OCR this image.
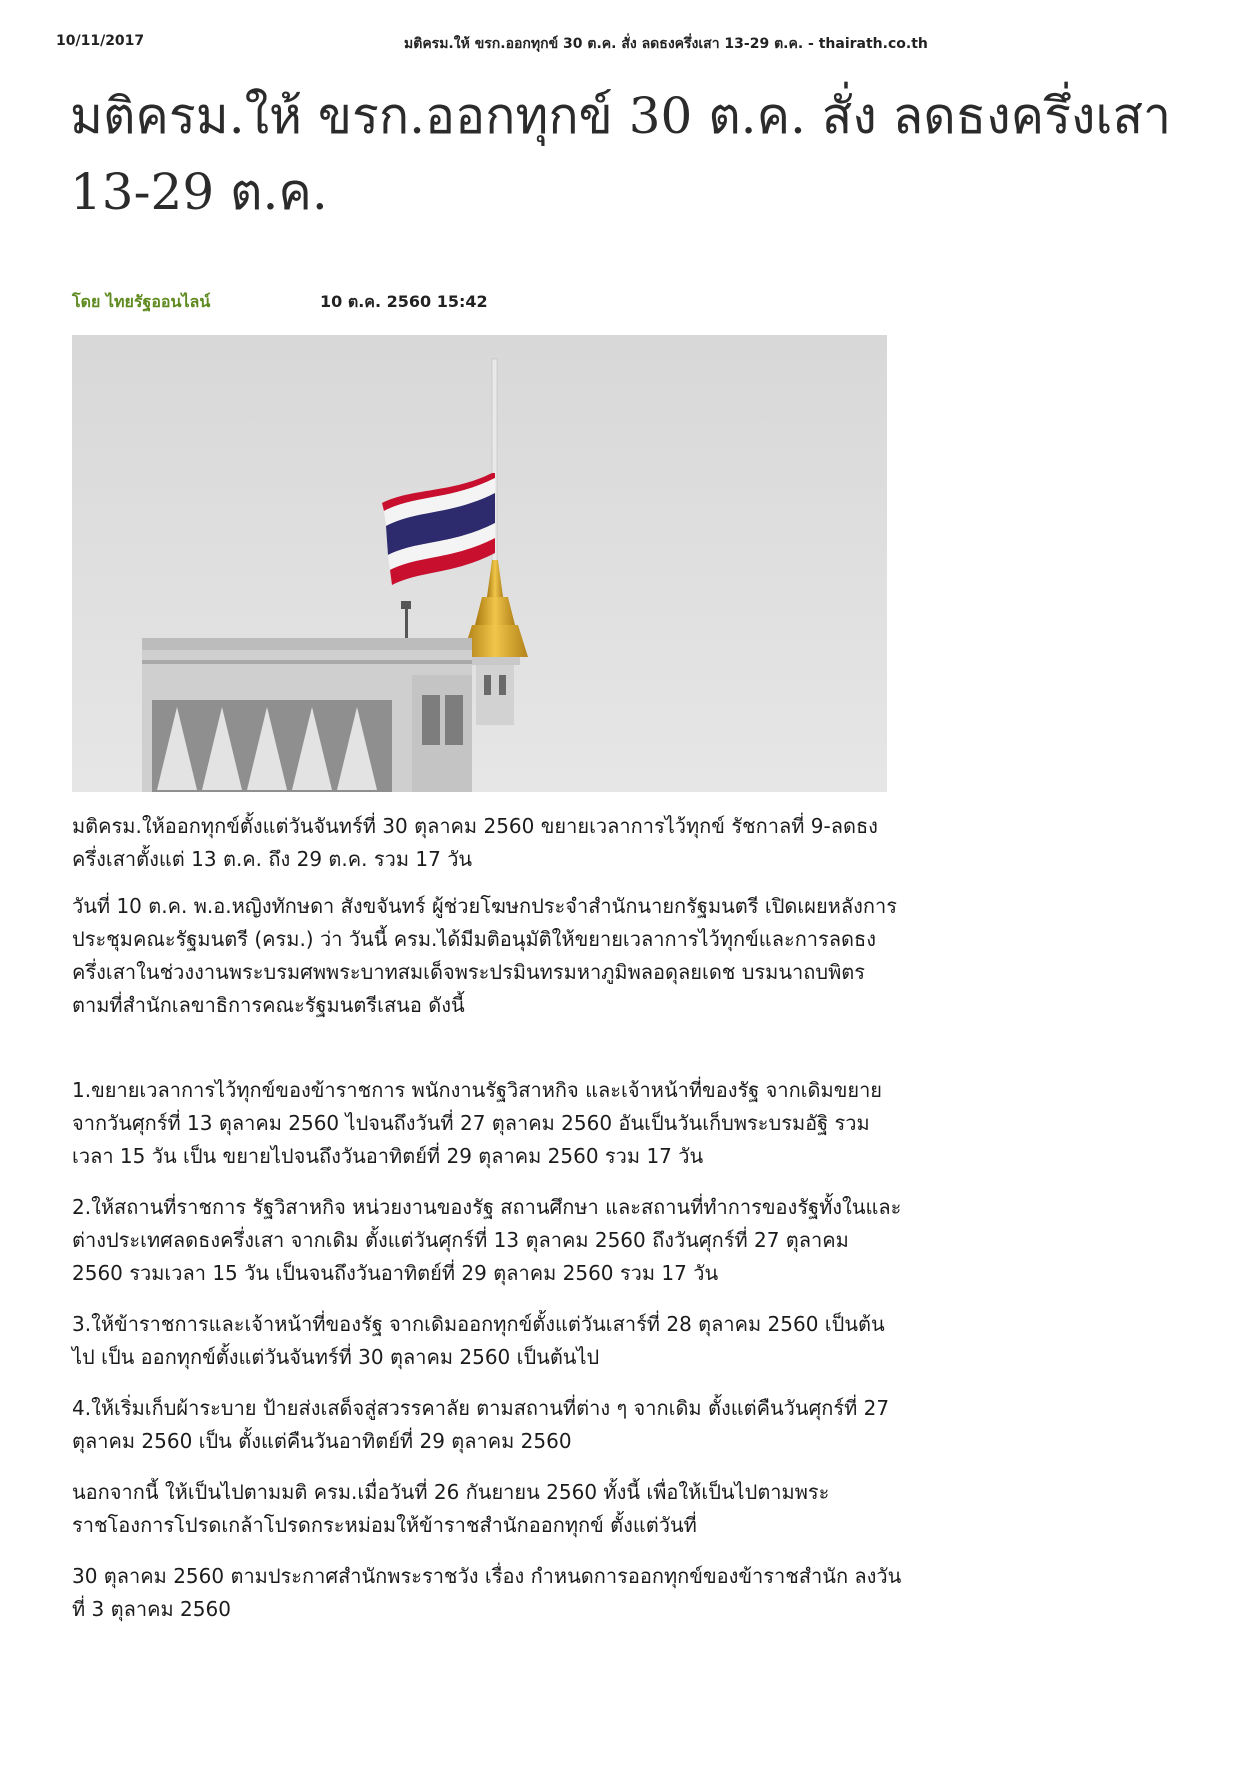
10/11/2017	มติครม.ให้ ขรก.ออกทุกข์ 30 ต.ค. สั่ง ลดธงครึ่งเสา 13-29 ต.ค. - thairath.co.th
มติครม.ให้ ขรก.ออกทุกข์ 30 ต.ค. สั่ง ลดธงครึ่งเสา 13-29 ต.ค.
โดย ไทยรัฐออนไลน์	10 ต.ค. 2560 15:42

มติครม.ให้ออกทุกข์ตั้งแต่วันจันทร์ที่ 30 ตุลาคม 2560 ขยายเวลาการไว้ทุกข์ รัชกาลที่ 9-ลดธงครึ่งเสาตั้งแต่ 13 ต.ค. ถึง 29 ต.ค. รวม 17 วัน

วันที่ 10 ต.ค. พ.อ.หญิงทักษดา สังขจันทร์ ผู้ช่วยโฆษกประจำสำนักนายกรัฐมนตรี เปิดเผยหลังการประชุมคณะรัฐมนตรี (ครม.) ว่า วันนี้ ครม.ได้มีมติอนุมัติให้ขยายเวลาการไว้ทุกข์และการลดธงครึ่งเสาในช่วงงานพระบรมศพพระบาทสมเด็จพระปรมินทรมหาภูมิพลอดุลยเดช บรมนาถบพิตร ตามที่สำนักเลขาธิการคณะรัฐมนตรีเสนอ ดังนี้

1.ขยายเวลาการไว้ทุกข์ของข้าราชการ พนักงานรัฐวิสาหกิจ และเจ้าหน้าที่ของรัฐ จากเดิมขยายจากวันศุกร์ที่ 13 ตุลาคม 2560 ไปจนถึงวันที่ 27 ตุลาคม 2560 อันเป็นวันเก็บพระบรมอัฐิ รวมเวลา 15 วัน เป็น ขยายไปจนถึงวันอาทิตย์ที่ 29 ตุลาคม 2560 รวม 17 วัน

2.ให้สถานที่ราชการ รัฐวิสาหกิจ หน่วยงานของรัฐ สถานศึกษา และสถานที่ทำการของรัฐทั้งในและต่างประเทศลดธงครึ่งเสา จากเดิม ตั้งแต่วันศุกร์ที่ 13 ตุลาคม 2560 ถึงวันศุกร์ที่ 27 ตุลาคม 2560 รวมเวลา 15 วัน เป็นจนถึงวันอาทิตย์ที่ 29 ตุลาคม 2560 รวม 17 วัน

3.ให้ข้าราชการและเจ้าหน้าที่ของรัฐ จากเดิมออกทุกข์ตั้งแต่วันเสาร์ที่ 28 ตุลาคม 2560 เป็นต้นไป เป็น ออกทุกข์ตั้งแต่วันจันทร์ที่ 30 ตุลาคม 2560 เป็นต้นไป

4.ให้เริ่มเก็บผ้าระบาย ป้ายส่งเสด็จสู่สวรรคาลัย ตามสถานที่ต่าง ๆ จากเดิม ตั้งแต่คืนวันศุกร์ที่ 27 ตุลาคม 2560 เป็น ตั้งแต่คืนวันอาทิตย์ที่ 29 ตุลาคม 2560

นอกจากนี้ ให้เป็นไปตามมติ ครม.เมื่อวันที่ 26 กันยายน 2560 ทั้งนี้ เพื่อให้เป็นไปตามพระราชโองการโปรดเกล้าโปรดกระหม่อมให้ข้าราชสำนักออกทุกข์ ตั้งแต่วันที่

30 ตุลาคม 2560 ตามประกาศสำนักพระราชวัง เรื่อง กำหนดการออกทุกข์ของข้าราชสำนัก ลงวันที่ 3 ตุลาคม 2560
